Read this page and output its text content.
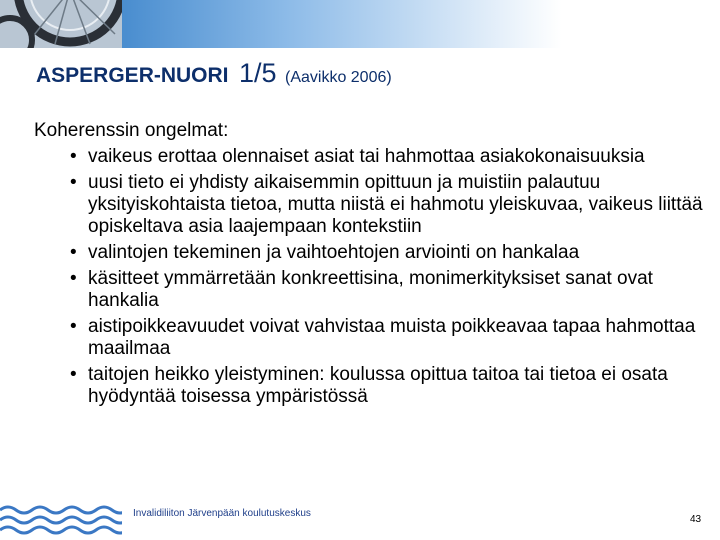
ASPERGER-NUORI 1/5 (Aavikko 2006)

Koherenssin ongelmat:

• vaikeus erottaa olennaiset asiat tai hahmottaa asiakokonaisuuksia
• uusi tieto ei yhdisty aikaisemmin opittuun ja muistiin palautuu yksityiskohtaista tietoa, mutta niistä ei hahmotu yleiskuvaa, vaikeus liittää opiskeltava asia laajempaan kontekstiin
• valintojen tekeminen ja vaihtoehtojen arviointi on hankalaa
• käsitteet ymmärretään konkreettisina, monimerkityksiset sanat ovat hankalia
• aistipoikkeavuudet voivat vahvistaa muista poikkeavaa tapaa hahmottaa maailmaa
• taitojen heikko yleistyminen: koulussa opittua taitoa tai tietoa ei osata hyödyntää toisessa ympäristössä
Invalidiliiton Järvenpään koulutuskeskus
43
